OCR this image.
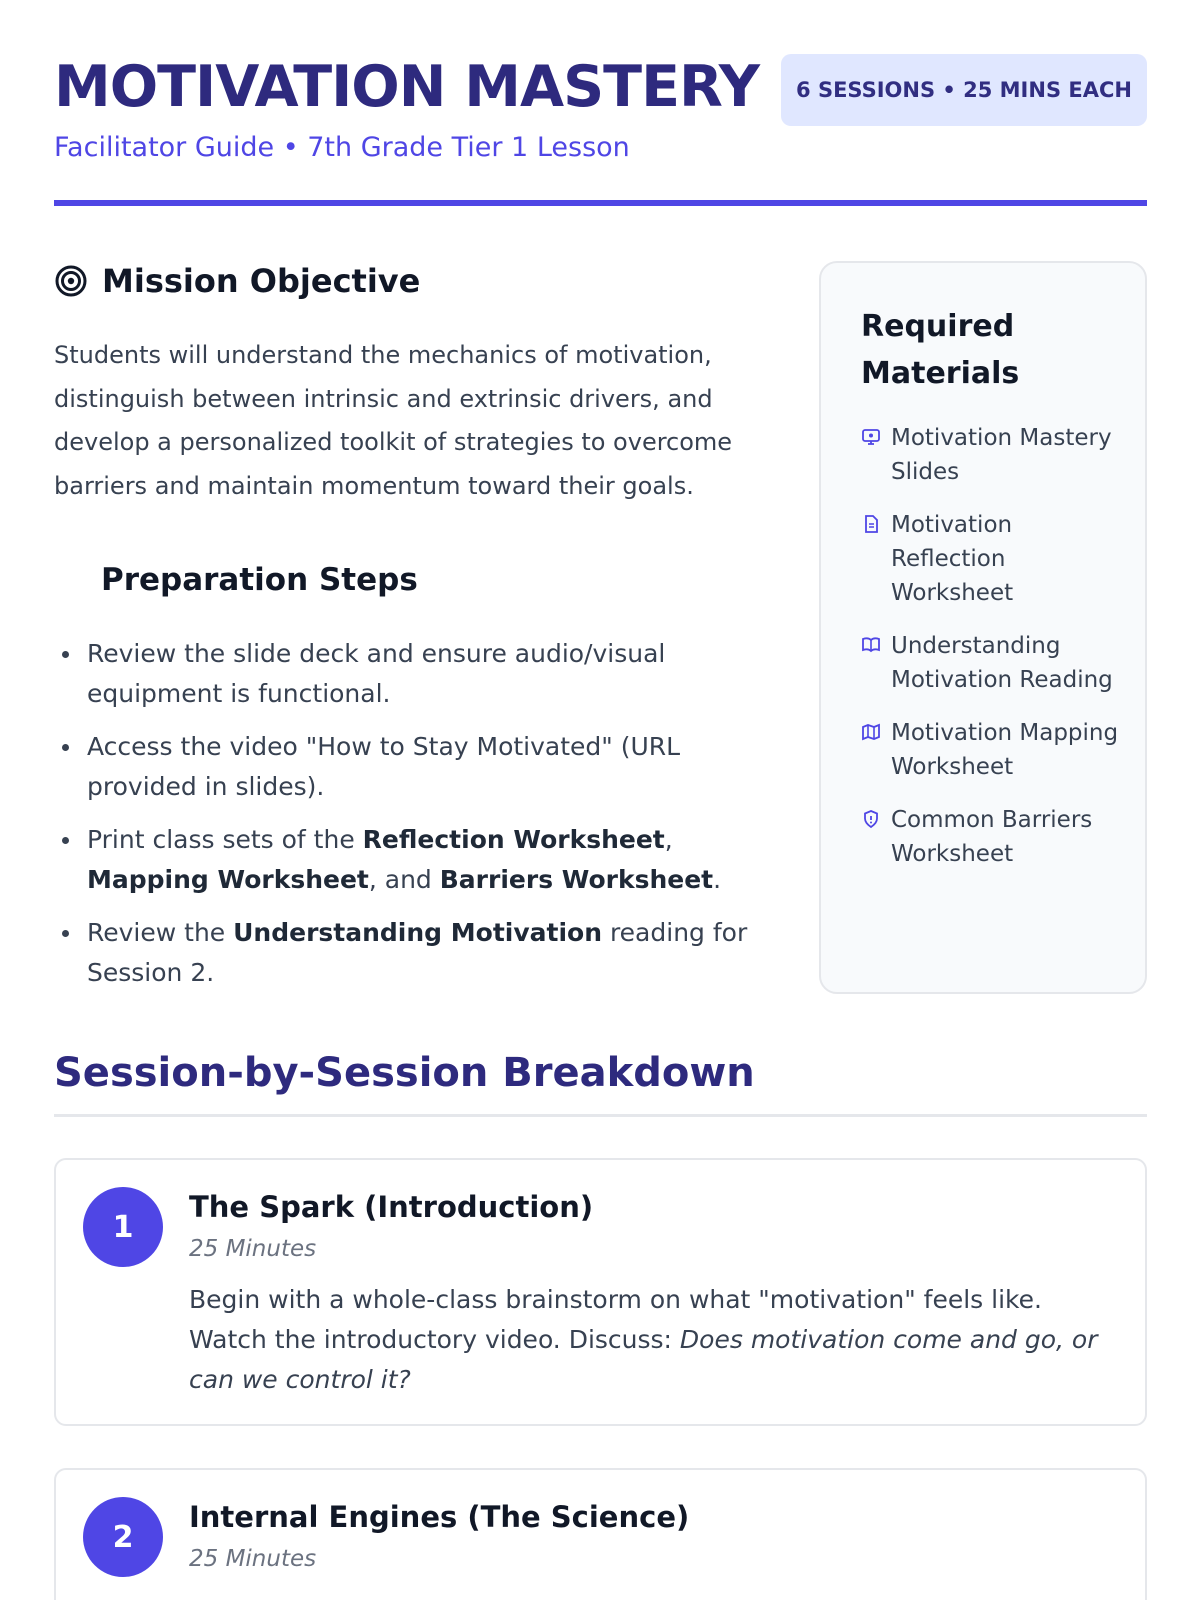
MOTIVATION MASTERY
Facilitator Guide • 7th Grade Tier 1 Lesson
6 SESSIONS • 25 MINS EACH
Mission Objective

Students will understand the mechanics of motivation, distinguish between intrinsic and extrinsic drivers, and develop a personalized toolkit of strategies to overcome barriers and maintain momentum toward their goals.

Preparation Steps
Review the slide deck and ensure audio/visual equipment is functional.
Access the video "How to Stay Motivated" (URL provided in slides).
Print class sets of the Reflection Worksheet, Mapping Worksheet, and Barriers Worksheet.
Review the Understanding Motivation reading for Session 2.
Required Materials
Motivation Mastery Slides
Motivation Reflection Worksheet
Understanding Motivation Reading
Motivation Mapping Worksheet
Common Barriers Worksheet
Session-by-Session Breakdown
1
The Spark (Introduction)
25 Minutes

Begin with a whole-class brainstorm on what "motivation" feels like. Watch the introductory video. Discuss: Does motivation come and go, or can we control it?

2
Internal Engines (The Science)
25 Minutes
